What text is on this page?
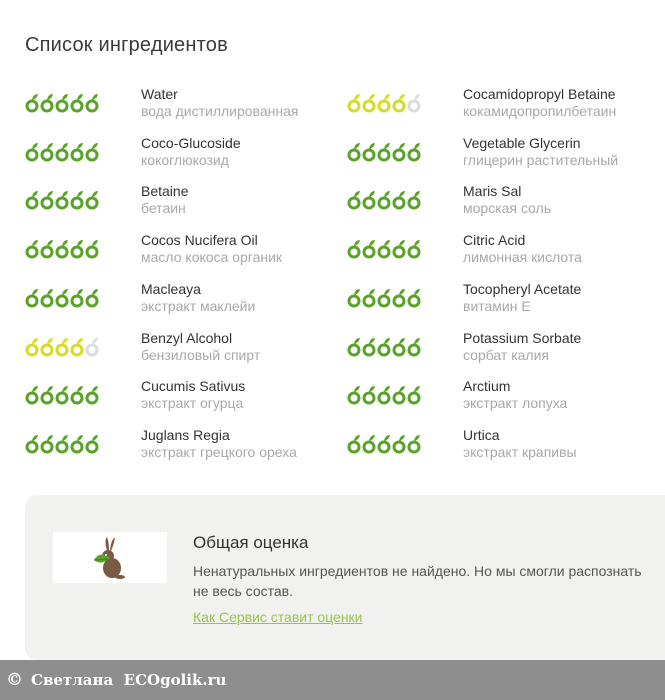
Список ингредиентов
Water
вода дистиллированная
Coco-Glucoside
кокоглюкозид
Betaine
бетаин
Cocos Nucifera Oil
масло кокоса органик
Macleaya
экстракт маклейи
Benzyl Alcohol
бензиловый спирт
Cucumis Sativus
экстракт огурца
Juglans Regia
экстракт грецкого ореха
Cocamidopropyl Betaine
кокамидопропилбетаин
Vegetable Glycerin
глицерин растительный
Maris Sal
морская соль
Citric Acid
лимонная кислота
Tocopheryl Acetate
витамин Е
Potassium Sorbate
сорбат калия
Arctium
экстракт лопуха
Urtica
экстракт крапивы
Общая оценка
Ненатуральных ингредиентов не найдено. Но мы смогли распознать не весь состав.
Как Сервис ставит оценки
© Светлана
ECOgolik.ru
